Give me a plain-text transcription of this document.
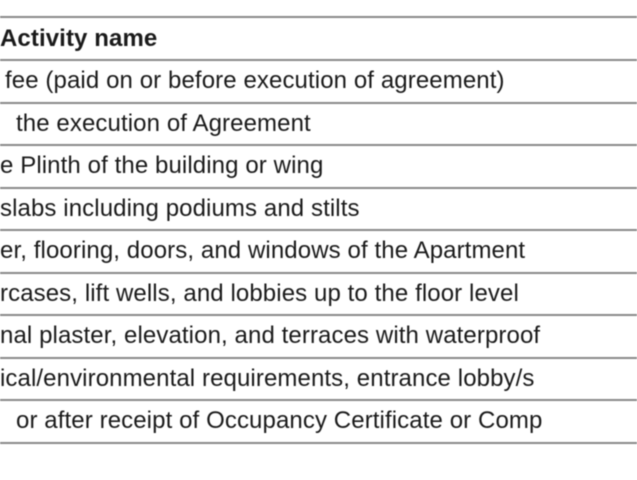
Activity name
fee (paid on or before execution of agreement)
the execution of Agreement
e Plinth of the building or wing
slabs including podiums and stilts
er, flooring, doors, and windows of the Apartment
rcases, lift wells, and lobbies up to the floor level
nal plaster, elevation, and terraces with waterproof
ical/environmental requirements, entrance lobby/s
or after receipt of Occupancy Certificate or Comp
